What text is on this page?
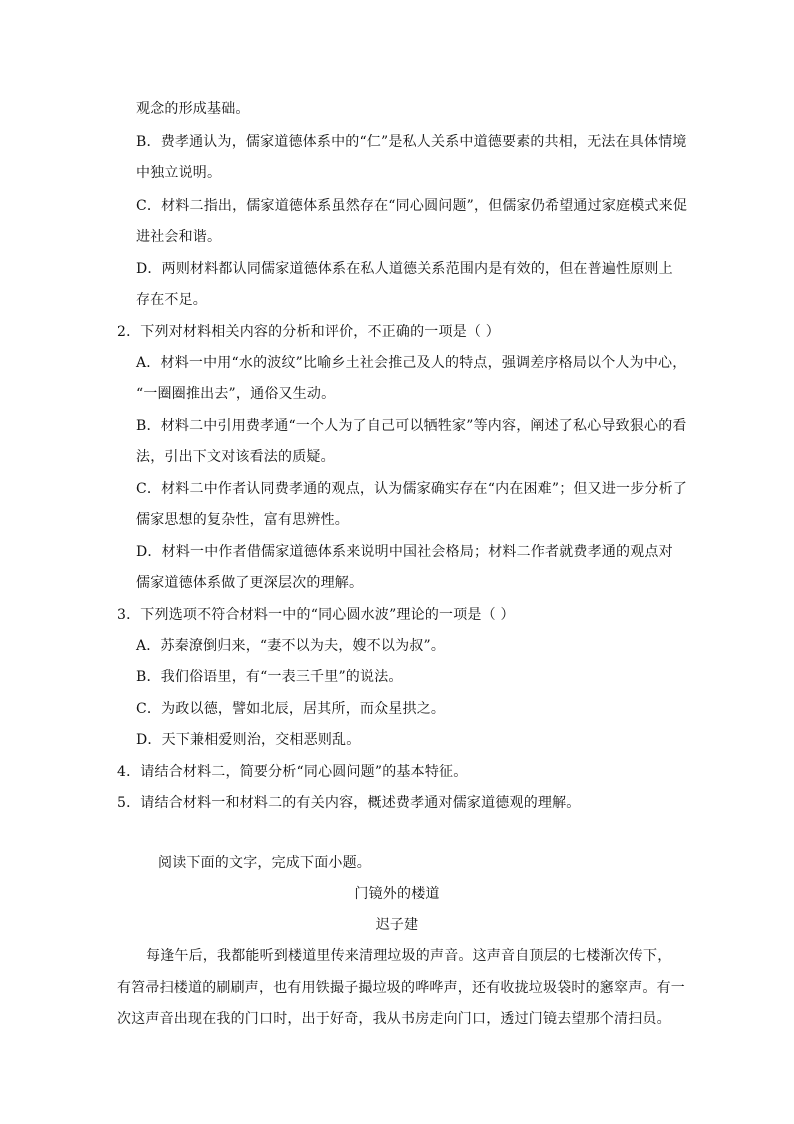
观念的形成基础。
B．费孝通认为，儒家道德体系中的“仁”是私人关系中道德要素的共相，无法在具体情境
中独立说明。
C．材料二指出，儒家道德体系虽然存在“同心圆问题”，但儒家仍希望通过家庭模式来促
进社会和谐。
D．两则材料都认同儒家道德体系在私人道德关系范围内是有效的，但在普遍性原则上
存在不足。
2．下列对材料相关内容的分析和评价，不正确的一项是（ ）
A．材料一中用“水的波纹”比喻乡土社会推己及人的特点，强调差序格局以个人为中心，
“一圈圈推出去”，通俗又生动。
B．材料二中引用费孝通“一个人为了自己可以牺牲家”等内容，阐述了私心导致狠心的看
法，引出下文对该看法的质疑。
C．材料二中作者认同费孝通的观点，认为儒家确实存在“内在困难”；但又进一步分析了
儒家思想的复杂性，富有思辨性。
D．材料一中作者借儒家道德体系来说明中国社会格局；材料二作者就费孝通的观点对
儒家道德体系做了更深层次的理解。
3．下列选项不符合材料一中的“同心圆水波”理论的一项是（ ）
A．苏秦潦倒归来，“妻不以为夫，嫂不以为叔”。
B．我们俗语里，有“一表三千里”的说法。
C．为政以德，譬如北辰，居其所，而众星拱之。
D．天下兼相爱则治，交相恶则乱。
4．请结合材料二，简要分析“同心圆问题”的基本特征。
5．请结合材料一和材料二的有关内容，概述费孝通对儒家道德观的理解。
阅读下面的文字，完成下面小题。
门镜外的楼道
迟子建
每逢午后，我都能听到楼道里传来清理垃圾的声音。这声音自顶层的七楼渐次传下，
有笤帚扫楼道的刷刷声，也有用铁撮子撮垃圾的哗哗声，还有收拢垃圾袋时的窸窣声。有一
次这声音出现在我的门口时，出于好奇，我从书房走向门口，透过门镜去望那个清扫员。
